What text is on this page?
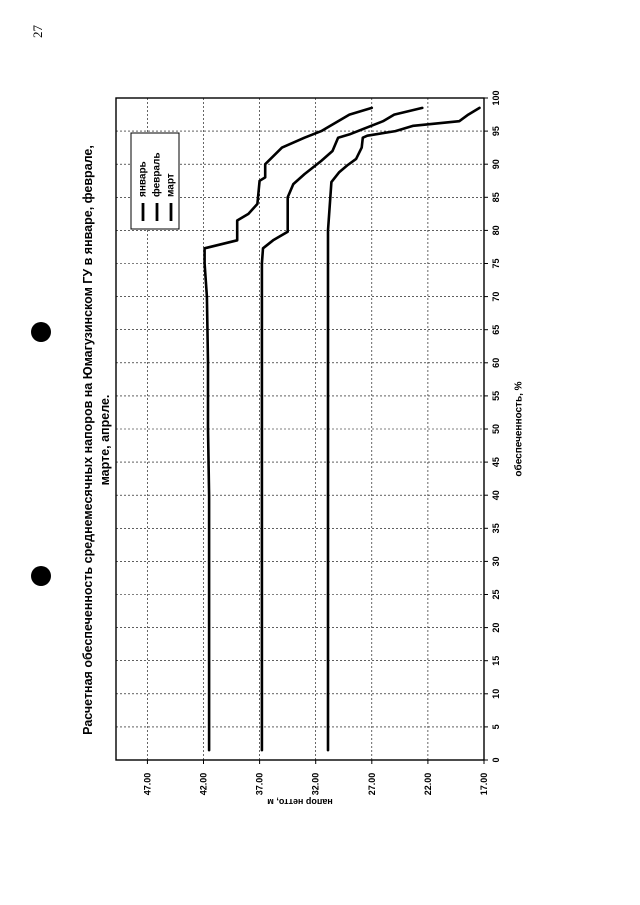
27
0
5
10
15
20
25
30
35
40
45
50
55
60
65
70
75
80
85
90
95
100
47.00	42.00	37.00	32.00	27.00	22.00	17.00
Расчетная обеспеченность среднемесячных напоров на Юмагузинском ГУ в январе, феврале, марте, апреле.	обеспеченность, %
напор нетто, м
январь февраль март
